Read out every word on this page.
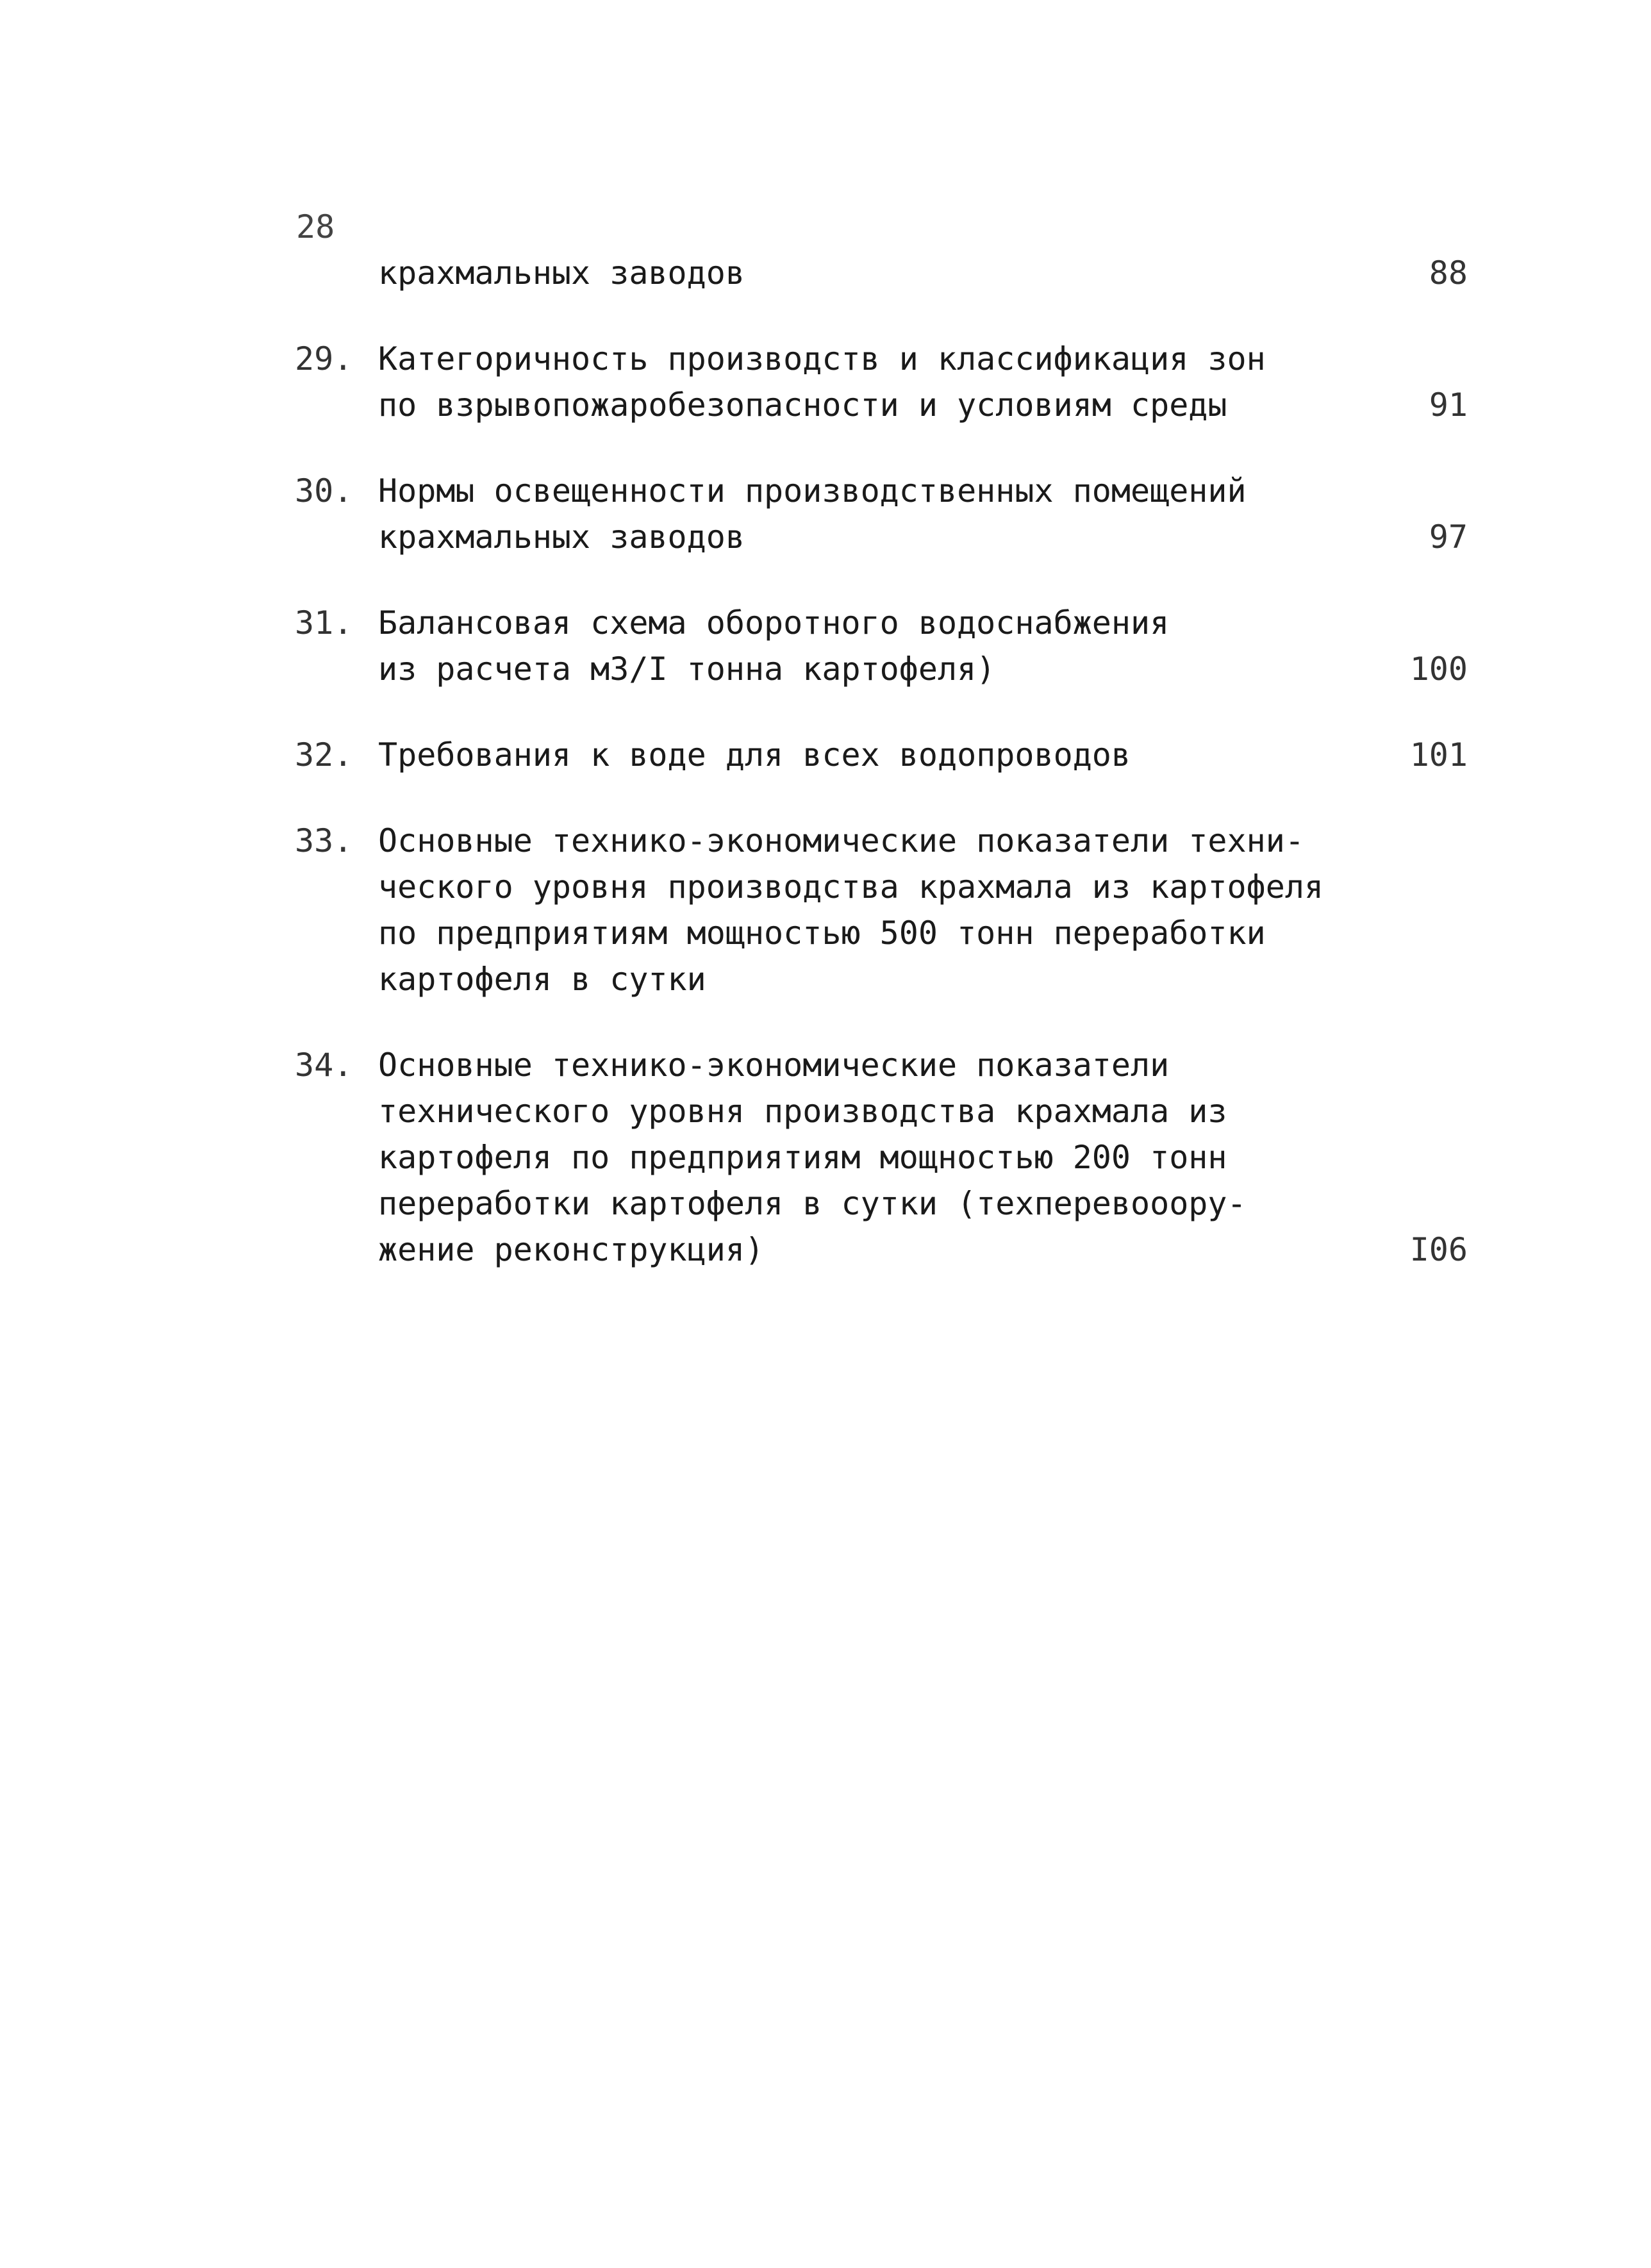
28
крахмальных заводов	88
29. Категоричность производств и классификация зон
по взрывопожаробезопасности и условиям среды	91
30. Нормы освещенности производственных помещений
крахмальных заводов	97
31. Балансовая схема оборотного водоснабжения
из расчета м3/I тонна картофеля)	100
32. Требования к воде для всех водопроводов	101
33. Основные технико-экономические показатели техни-
ческого уровня производства крахмала из картофеля
по предприятиям мощностью 500 тонн переработки
картофеля в сутки
34. Основные технико-экономические показатели
технического уровня производства крахмала из
картофеля по предприятиям мощностью 200 тонн
переработки картофеля в сутки (техперевооору-
жение реконструкция)	I06
